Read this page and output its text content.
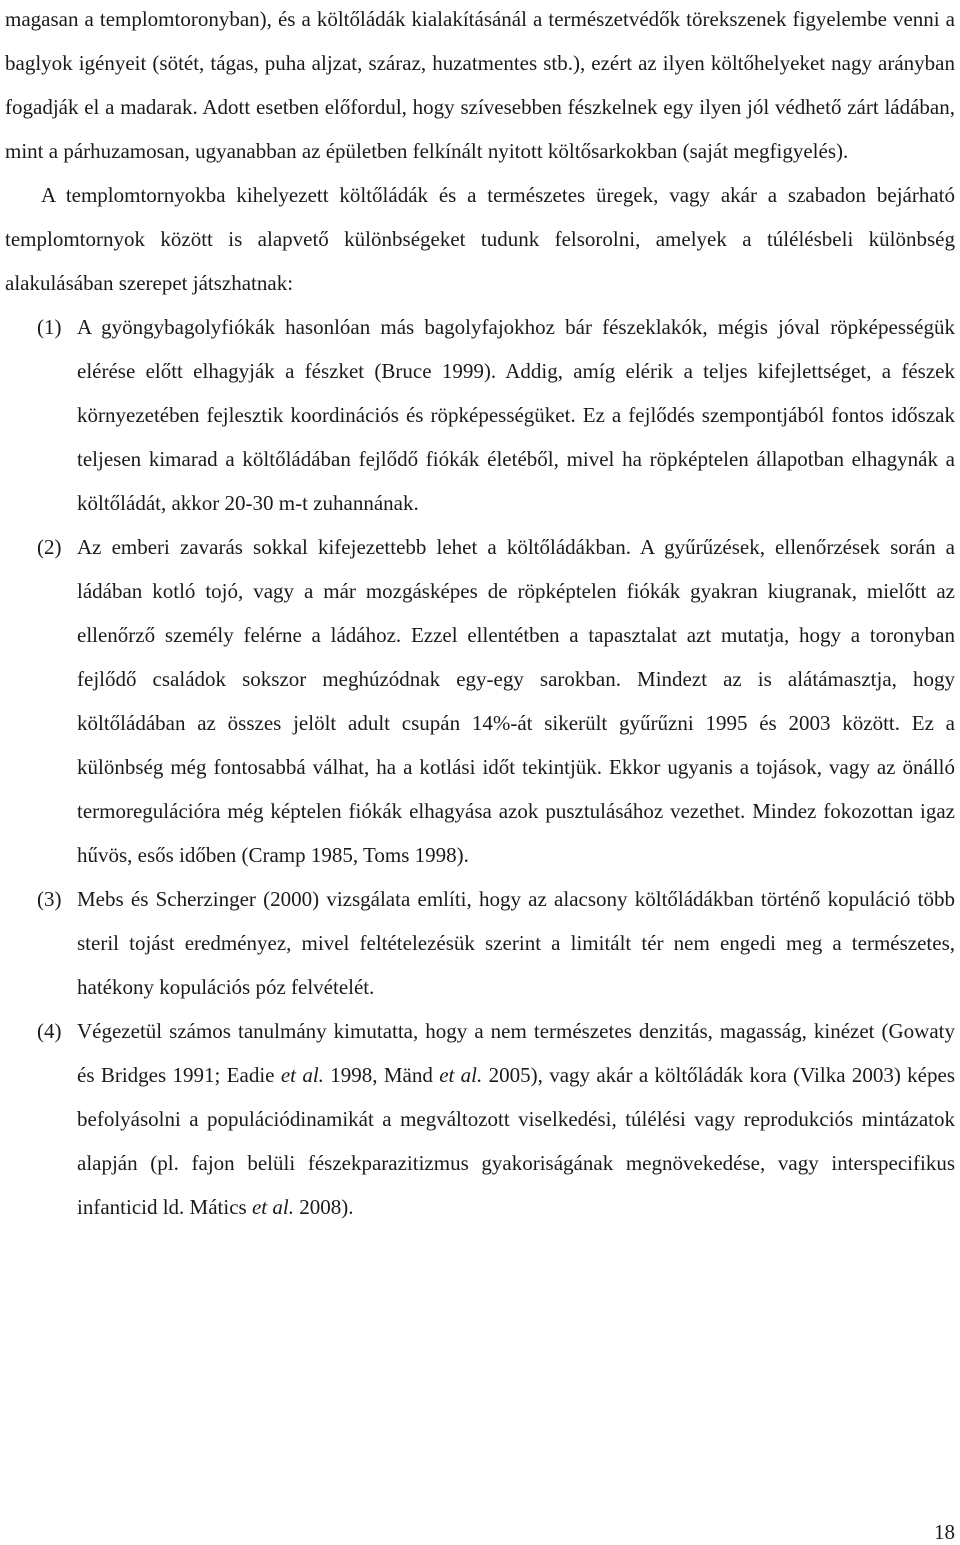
magasan a templomtoronyban), és a költőládák kialakításánál a természetvédők törekszenek figyelembe venni a baglyok igényeit (sötét, tágas, puha aljzat, száraz, huzatmentes stb.), ezért az ilyen költőhelyeket nagy arányban fogadják el a madarak. Adott esetben előfordul, hogy szívesebben fészkelnek egy ilyen jól védhető zárt ládában, mint a párhuzamosan, ugyanabban az épületben felkínált nyitott költősarkokban (saját megfigyelés).

A templomtornyokba kihelyezett költőládák és a természetes üregek, vagy akár a szabadon bejárható templomtornyok között is alapvető különbségeket tudunk felsorolni, amelyek a túlélésbeli különbség alakulásában szerepet játszhatnak:

(1) A gyöngybagolyfiókák hasonlóan más bagolyfajokhoz bár fészeklakók, mégis jóval röpképességük elérése előtt elhagyják a fészket (Bruce 1999). Addig, amíg elérik a teljes kifejlettséget, a fészek környezetében fejlesztik koordinációs és röpképességüket. Ez a fejlődés szempontjából fontos időszak teljesen kimarad a költőládában fejlődő fiókák életéből, mivel ha röpképtelen állapotban elhagynák a költőládát, akkor 20-30 m-t zuhannának.
(2) Az emberi zavarás sokkal kifejezettebb lehet a költőládákban. A gyűrűzések, ellenőrzések során a ládában kotló tojó, vagy a már mozgásképes de röpképtelen fiókák gyakran kiugranak, mielőtt az ellenőrző személy felérne a ládához. Ezzel ellentétben a tapasztalat azt mutatja, hogy a toronyban fejlődő családok sokszor meghúzódnak egy-egy sarokban. Mindezt az is alátámasztja, hogy költőládában az összes jelölt adult csupán 14%-át sikerült gyűrűzni 1995 és 2003 között. Ez a különbség még fontosabbá válhat, ha a kotlási időt tekintjük. Ekkor ugyanis a tojások, vagy az önálló termoregulációra még képtelen fiókák elhagyása azok pusztulásához vezethet. Mindez fokozottan igaz hűvös, esős időben (Cramp 1985, Toms 1998).
(3) Mebs és Scherzinger (2000) vizsgálata említi, hogy az alacsony költőládákban történő kopuláció több steril tojást eredményez, mivel feltételezésük szerint a limitált tér nem engedi meg a természetes, hatékony kopulációs póz felvételét.
(4) Végezetül számos tanulmány kimutatta, hogy a nem természetes denzitás, magasság, kinézet (Gowaty és Bridges 1991; Eadie et al. 1998, Mänd et al. 2005), vagy akár a költőládák kora (Vilka 2003) képes befolyásolni a populációdinamikát a megváltozott viselkedési, túlélési vagy reprodukciós mintázatok alapján (pl. fajon belüli fészekparazitizmus gyakoriságának megnövekedése, vagy interspecifikus infanticid ld. Mátics et al. 2008).
18
